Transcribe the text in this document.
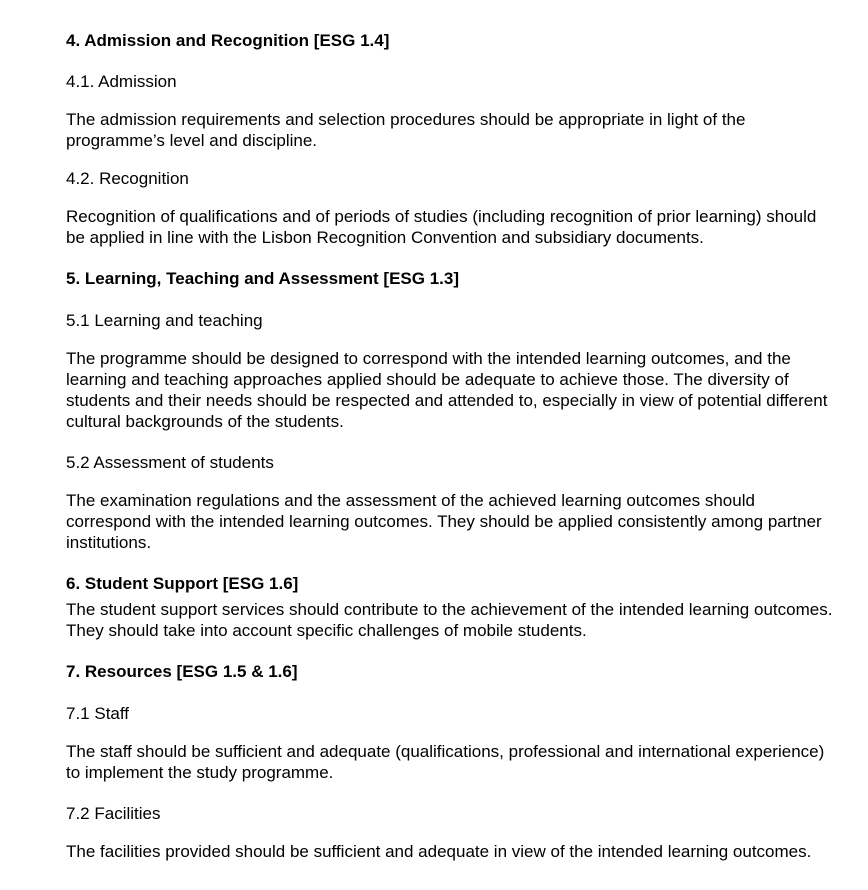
4. Admission and Recognition [ESG 1.4]
4.1. Admission

The admission requirements and selection procedures should be appropriate in light of the programme’s level and discipline.

4.2. Recognition

Recognition of qualifications and of periods of studies (including recognition of prior learning) should be applied in line with the Lisbon Recognition Convention and subsidiary documents.

5. Learning, Teaching and Assessment [ESG 1.3]
5.1 Learning and teaching

The programme should be designed to correspond with the intended learning outcomes, and the learning and teaching approaches applied should be adequate to achieve those. The diversity of students and their needs should be respected and attended to, especially in view of potential different cultural backgrounds of the students.

5.2 Assessment of students

The examination regulations and the assessment of the achieved learning outcomes should correspond with the intended learning outcomes. They should be applied consistently among partner institutions.

6. Student Support [ESG 1.6]

The student support services should contribute to the achievement of the intended learning outcomes. They should take into account specific challenges of mobile students.

7. Resources [ESG 1.5 & 1.6]
7.1 Staff

The staff should be sufficient and adequate (qualifications, professional and international experience) to implement the study programme.

7.2 Facilities

The facilities provided should be sufficient and adequate in view of the intended learning outcomes.
